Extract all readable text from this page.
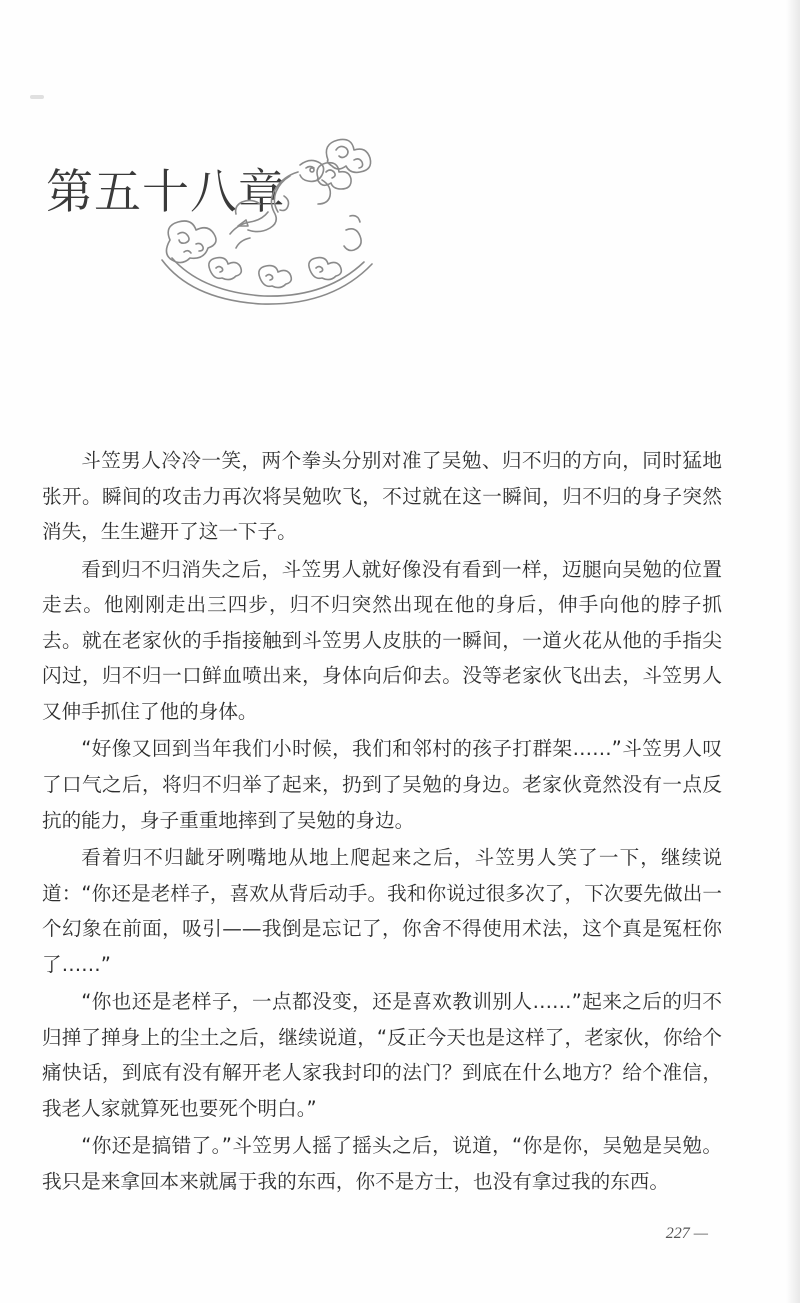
第五十八章

斗笠男人冷冷一笑，两个拳头分别对准了吴勉、归不归的方向，同时猛地张开。瞬间的攻击力再次将吴勉吹飞，不过就在这一瞬间，归不归的身子突然消失，生生避开了这一下子。

看到归不归消失之后，斗笠男人就好像没有看到一样，迈腿向吴勉的位置走去。他刚刚走出三四步，归不归突然出现在他的身后，伸手向他的脖子抓去。就在老家伙的手指接触到斗笠男人皮肤的一瞬间，一道火花从他的手指尖闪过，归不归一口鲜血喷出来，身体向后仰去。没等老家伙飞出去，斗笠男人又伸手抓住了他的身体。

“好像又回到当年我们小时候，我们和邻村的孩子打群架……”斗笠男人叹了口气之后，将归不归举了起来，扔到了吴勉的身边。老家伙竟然没有一点反抗的能力，身子重重地摔到了吴勉的身边。

看着归不归龇牙咧嘴地从地上爬起来之后，斗笠男人笑了一下，继续说道：“你还是老样子，喜欢从背后动手。我和你说过很多次了，下次要先做出一个幻象在前面，吸引——我倒是忘记了，你舍不得使用术法，这个真是冤枉你了……”

“你也还是老样子，一点都没变，还是喜欢教训别人……”起来之后的归不归掸了掸身上的尘土之后，继续说道，“反正今天也是这样了，老家伙，你给个痛快话，到底有没有解开老人家我封印的法门？到底在什么地方？给个准信，我老人家就算死也要死个明白。”

“你还是搞错了。”斗笠男人摇了摇头之后，说道，“你是你，吴勉是吴勉。我只是来拿回本来就属于我的东西，你不是方士，也没有拿过我的东西。

227 —
